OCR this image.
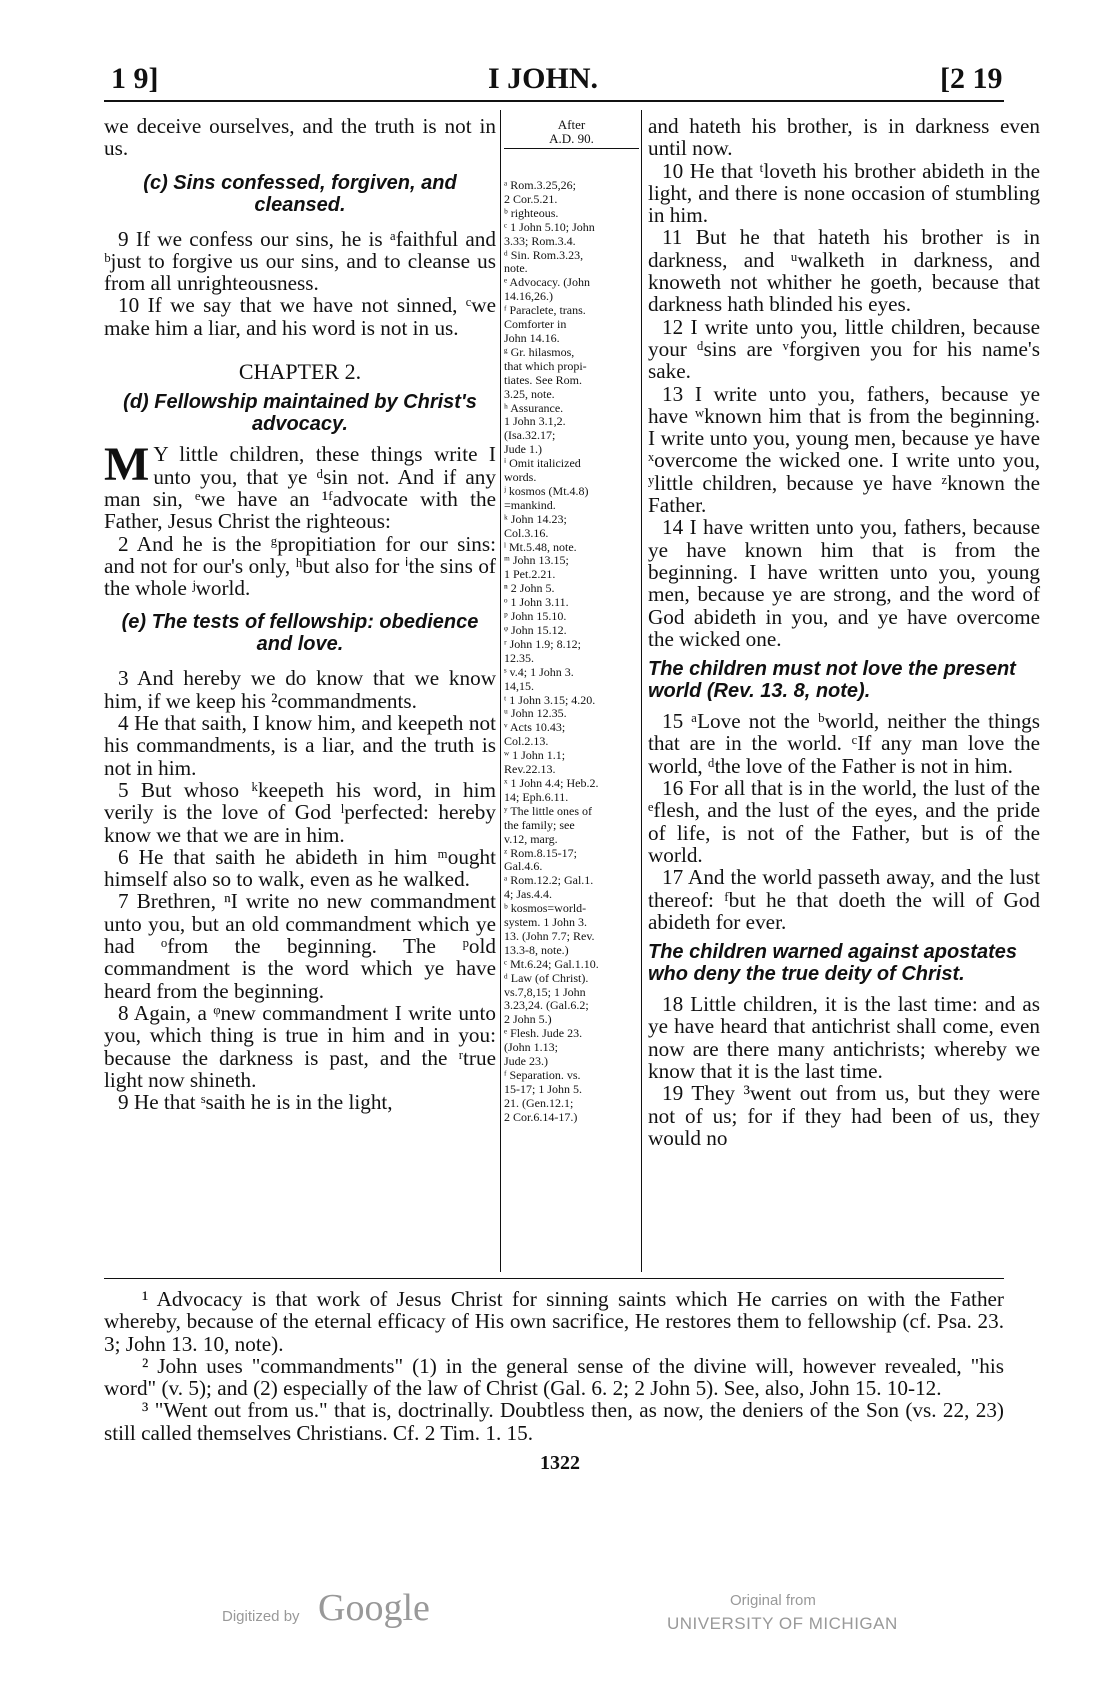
1 9]	I JOHN.	[2 19

we deceive ourselves, and the truth is not in us.

(c) Sins confessed, forgiven, and cleansed.

9 If we confess our sins, he is ᵃfaithful and ᵇjust to forgive us our sins, and to cleanse us from all unrighteousness.

10 If we say that we have not sinned, ᶜwe make him a liar, and his word is not in us.

CHAPTER 2.

(d) Fellowship maintained by Christ's advocacy.

M Y little children, these things write I unto you, that ye ᵈsin not. And if any man sin, ᵉwe have an ¹ᶠadvocate with the Father, Jesus Christ the righteous:

2 And he is the ᵍpropitiation for our sins: and not for our's only, ʰbut also for ⁱthe sins of the whole ʲworld.

(e) The tests of fellowship: obedience and love.

3 And hereby we do know that we know him, if we keep his ²commandments.

4 He that saith, I know him, and keepeth not his commandments, is a liar, and the truth is not in him.

5 But whoso ᵏkeepeth his word, in him verily is the love of God ˡperfected: hereby know we that we are in him.

6 He that saith he abideth in him ᵐought himself also so to walk, even as he walked.

7 Brethren, ⁿI write no new commandment unto you, but an old commandment which ye had ᵒfrom the beginning. The ᵖold commandment is the word which ye have heard from the beginning.

8 Again, a ᵠnew commandment I write unto you, which thing is true in him and in you: because the darkness is past, and the ʳtrue light now shineth.

9 He that ˢsaith he is in the light,

After
A.D. 90.

ᵃ Rom.3.25,26;

2 Cor.5.21.

ᵇ righteous.

ᶜ 1 John 5.10; John

3.33; Rom.3.4.

ᵈ Sin. Rom.3.23,

note.

ᵉ Advocacy. (John

14.16,26.)

ᶠ Paraclete, trans.

Comforter in

John 14.16.

ᵍ Gr. hilasmos,

that which propi-

tiates. See Rom.

3.25, note.

ʰ Assurance.

1 John 3.1,2.

(Isa.32.17;

Jude 1.)

ⁱ Omit italicized

words.

ʲ kosmos (Mt.4.8)

=mankind.

ᵏ John 14.23;

Col.3.16.

ˡ Mt.5.48, note.

ᵐ John 13.15;

1 Pet.2.21.

ⁿ 2 John 5.

ᵒ 1 John 3.11.

ᵖ John 15.10.

ᵠ John 15.12.

ʳ John 1.9; 8.12;

12.35.

ˢ v.4; 1 John 3.

14,15.

ᵗ 1 John 3.15; 4.20.

ᵘ John 12.35.

ᵛ Acts 10.43;

Col.2.13.

ʷ 1 John 1.1;

Rev.22.13.

ˣ 1 John 4.4; Heb.2.

14; Eph.6.11.

ʸ The little ones of

the family; see

v.12, marg.

ᶻ Rom.8.15-17;

Gal.4.6.

ᵃ Rom.12.2; Gal.1.

4; Jas.4.4.

ᵇ kosmos=world-

system. 1 John 3.

13. (John 7.7; Rev.

13.3-8, note.)

ᶜ Mt.6.24; Gal.1.10.

ᵈ Law (of Christ).

vs.7,8,15; 1 John

3.23,24. (Gal.6.2;

2 John 5.)

ᵉ Flesh. Jude 23.

(John 1.13;

Jude 23.)

ᶠ Separation. vs.

15-17; 1 John 5.

21. (Gen.12.1;

2 Cor.6.14-17.)

and hateth his brother, is in darkness even until now.

10 He that ᵗloveth his brother abideth in the light, and there is none occasion of stumbling in him.

11 But he that hateth his brother is in darkness, and ᵘwalketh in darkness, and knoweth not whither he goeth, because that darkness hath blinded his eyes.

12 I write unto you, little children, because your ᵈsins are ᵛforgiven you for his name's sake.

13 I write unto you, fathers, because ye have ʷknown him that is from the beginning. I write unto you, young men, because ye have ˣovercome the wicked one. I write unto you, ʸlittle children, because ye have ᶻknown the Father.

14 I have written unto you, fathers, because ye have known him that is from the beginning. I have written unto you, young men, because ye are strong, and the word of God abideth in you, and ye have overcome the wicked one.

The children must not love the present world (Rev. 13. 8, note).

15 ᵃLove not the ᵇworld, neither the things that are in the world. ᶜIf any man love the world, ᵈthe love of the Father is not in him.

16 For all that is in the world, the lust of the ᵉflesh, and the lust of the eyes, and the pride of life, is not of the Father, but is of the world.

17 And the world passeth away, and the lust thereof: ᶠbut he that doeth the will of God abideth for ever.

The children warned against apostates who deny the true deity of Christ.

18 Little children, it is the last time: and as ye have heard that antichrist shall come, even now are there many antichrists; whereby we know that it is the last time.

19 They ³went out from us, but they were not of us; for if they had been of us, they would no

¹ Advocacy is that work of Jesus Christ for sinning saints which He carries on with the Father whereby, because of the eternal efficacy of His own sacrifice, He restores them to fellowship (cf. Psa. 23. 3; John 13. 10, note).

² John uses "commandments" (1) in the general sense of the divine will, however revealed, "his word" (v. 5); and (2) especially of the law of Christ (Gal. 6. 2; 2 John 5). See, also, John 15. 10-12.

³ "Went out from us." that is, doctrinally. Doubtless then, as now, the deniers of the Son (vs. 22, 23) still called themselves Christians. Cf. 2 Tim. 1. 15.

1322
Digitized by Google	Original from
UNIVERSITY OF MICHIGAN
